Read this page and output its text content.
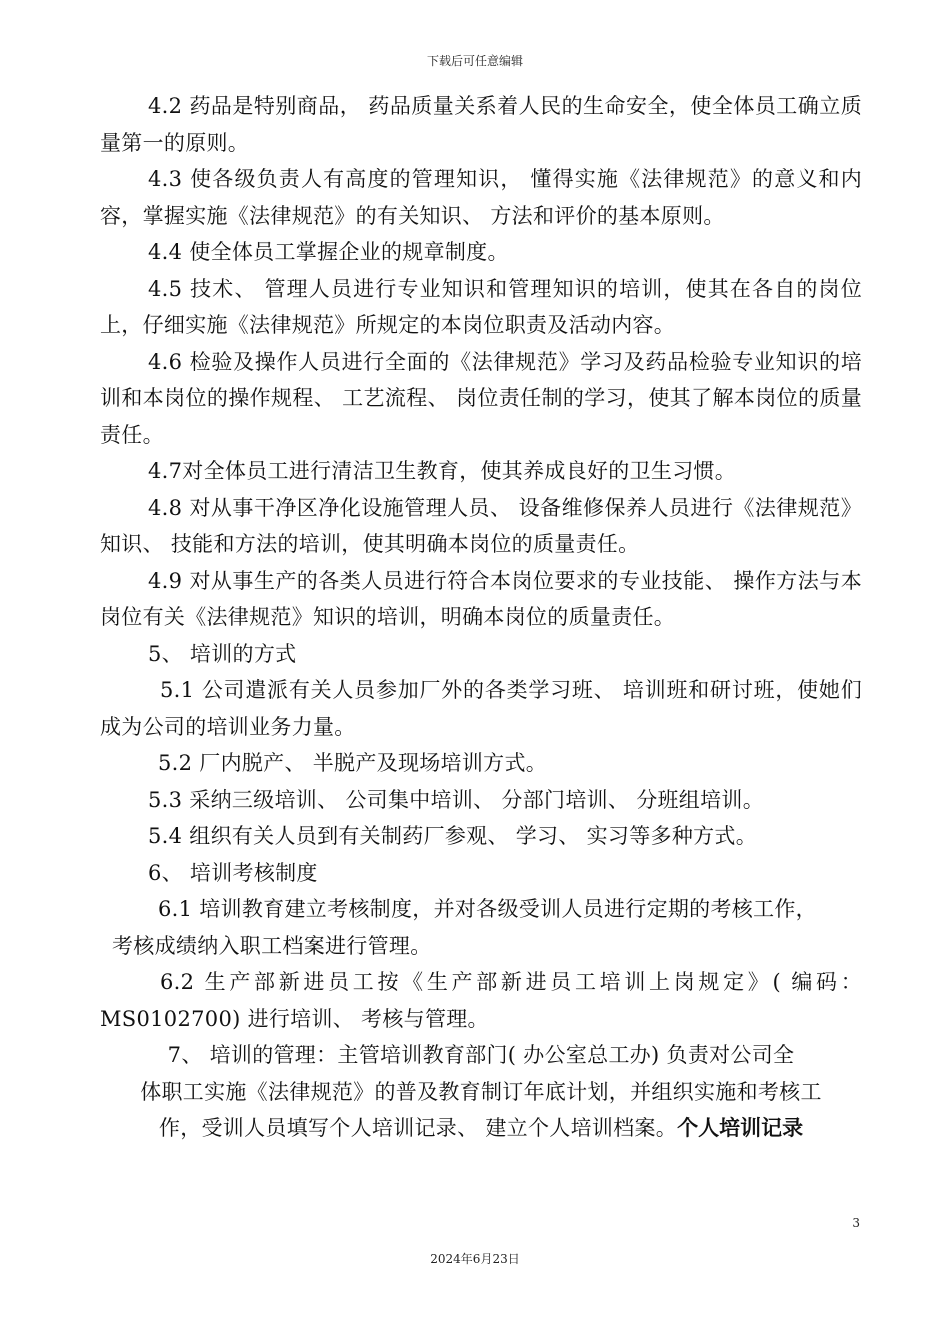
下载后可任意编辑

4.2 药品是特别商品， 药品质量关系着人民的生命安全，使全体员工确立质量第一的原则。

4.3 使各级负责人有高度的管理知识， 懂得实施《法律规范》的意义和内容，掌握实施《法律规范》的有关知识、 方法和评价的基本原则。

4.4 使全体员工掌握企业的规章制度。

4.5 技术、 管理人员进行专业知识和管理知识的培训，使其在各自的岗位上，仔细实施《法律规范》所规定的本岗位职责及活动内容。

4.6 检验及操作人员进行全面的《法律规范》学习及药品检验专业知识的培训和本岗位的操作规程、 工艺流程、 岗位责任制的学习，使其了解本岗位的质量责任。

4.7对全体员工进行清洁卫生教育，使其养成良好的卫生习惯。

4.8 对从事干净区净化设施管理人员、 设备维修保养人员进行《法律规范》知识、 技能和方法的培训，使其明确本岗位的质量责任。

4.9 对从事生产的各类人员进行符合本岗位要求的专业技能、 操作方法与本岗位有关《法律规范》知识的培训，明确本岗位的质量责任。

5、 培训的方式

5.1 公司遣派有关人员参加厂外的各类学习班、 培训班和研讨班，使她们成为公司的培训业务力量。

5.2 厂内脱产、 半脱产及现场培训方式。

5.3 采纳三级培训、 公司集中培训、 分部门培训、 分班组培训。

5.4 组织有关人员到有关制药厂参观、 学习、 实习等多种方式。

6、 培训考核制度

6.1 培训教育建立考核制度，并对各级受训人员进行定期的考核工作，

考核成绩纳入职工档案进行管理。

6.2 生产部新进员工按《生产部新进员工培训上岗规定》( 编码：MS0102700) 进行培训、 考核与管理。

7、 培训的管理：主管培训教育部门( 办公室总工办) 负责对公司全

体职工实施《法律规范》的普及教育制订年底计划，并组织实施和考核工

作，受训人员填写个人培训记录、 建立个人培训档案。个人培训记录

3
2024年6月23日
